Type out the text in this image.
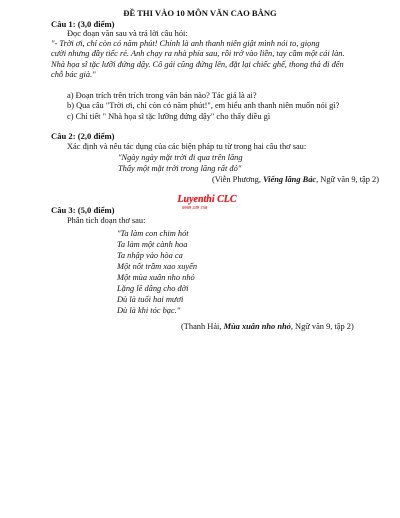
ĐỀ THI VÀO 10 MÔN VĂN CAO BẰNG
Câu 1: (3,0 điểm)
Đọc đoạn văn sau và trả lời câu hỏi:
"- Trời ơi, chỉ còn có năm phút! Chính là anh thanh niên giật mình nói to, giọng
cười nhưng đầy tiếc rẻ. Anh chạy ra nhà phía sau, rồi trở vào liền, tay cầm một cái làn.
Nhà họa sĩ tặc lưỡi đứng dậy. Cô gái cũng đứng lên, đặt lại chiếc ghế, thong thả đi đến
chỗ bác già."
a) Đoạn trích trên trích trong văn bản nào? Tác giả là ai?
b) Qua câu "Trời ơi, chỉ còn có năm phút!", em hiểu anh thanh niên muốn nói gì?
c) Chỉ tiết " Nhà họa sĩ tặc lưỡng đứng dậy" cho thấy điều gì
Câu 2: (2,0 điểm)
Xác định và nêu tác dụng của các biện pháp tu từ trong hai câu thơ sau:
"Ngày ngày mặt trời đi qua trên lăng
Thấy một mặt trời trong lăng rất đỏ"
(Viễn Phương, Viếng lăng Bác, Ngữ văn 9, tập 2)
Luyenthi CLC
0969 339 758
Câu 3: (5,0 điểm)
Phân tích đoạn thơ sau:
"Ta làm con chim hót
Ta làm một cành hoa
Ta nhập vào hòa ca
Một nốt trầm xao xuyến
Một mùa xuân nho nhỏ
Lặng lẽ dâng cho đời
Dù là tuổi hai mươi
Dù là khi tóc bạc."
(Thanh Hải, Mùa xuân nho nhỏ, Ngữ văn 9, tập 2)
